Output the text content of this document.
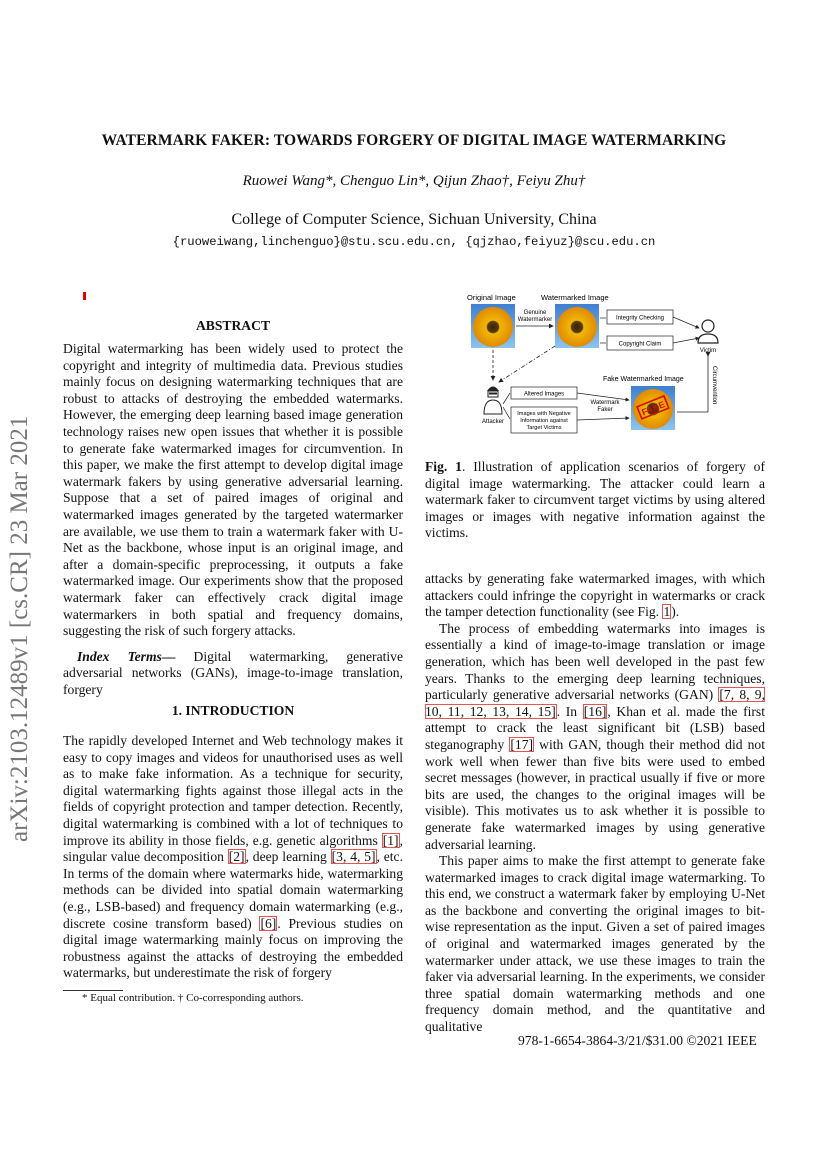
arXiv:2103.12489v1 [cs.CR] 23 Mar 2021
WATERMARK FAKER: TOWARDS FORGERY OF DIGITAL IMAGE WATERMARKING
Ruowei Wang*, Chenguo Lin*, Qijun Zhao†, Feiyu Zhu†
College of Computer Science, Sichuan University, China
{ruoweiwang,linchenguo}@stu.scu.edu.cn, {qjzhao,feiyuz}@scu.edu.cn
ABSTRACT

Digital watermarking has been widely used to protect the copyright and integrity of multimedia data. Previous studies mainly focus on designing watermarking techniques that are robust to attacks of destroying the embedded watermarks. However, the emerging deep learning based image generation technology raises new open issues that whether it is possible to generate fake watermarked images for circumvention. In this paper, we make the first attempt to develop digital image watermark fakers by using generative adversarial learning. Suppose that a set of paired images of original and watermarked images generated by the targeted watermarker are available, we use them to train a watermark faker with U-Net as the backbone, whose input is an original image, and after a domain-specific preprocessing, it outputs a fake watermarked image. Our experiments show that the proposed watermark faker can effectively crack digital image watermarkers in both spatial and frequency domains, suggesting the risk of such forgery attacks.

Index Terms— Digital watermarking, generative adversarial networks (GANs), image-to-image translation, forgery

1. INTRODUCTION

The rapidly developed Internet and Web technology makes it easy to copy images and videos for unauthorised uses as well as to make fake information. As a technique for security, digital watermarking fights against those illegal acts in the fields of copyright protection and tamper detection. Recently, digital watermarking is combined with a lot of techniques to improve its ability in those fields, e.g. genetic algorithms [1], singular value decomposition [2], deep learning [3, 4, 5], etc. In terms of the domain where watermarks hide, watermarking methods can be divided into spatial domain watermarking (e.g., LSB-based) and frequency domain watermarking (e.g., discrete cosine transform based) [6]. Previous studies on digital image watermarking mainly focus on improving the robustness against the attacks of destroying the embedded watermarks, but underestimate the risk of forgery

* Equal contribution. † Co-corresponding authors.
Original Image	Watermarked Image
Genuine
Watermarker	Integrity Checking
Copyright Claim
Victim
Fake Watermarked Image	Circumvention
FAKE
Attacker
Altered Images
Images with Negative
Information against
Target Victims
Watermark
Faker
Fig. 1. Illustration of application scenarios of forgery of digital image watermarking. The attacker could learn a watermark faker to circumvent target victims by using altered images or images with negative information against the victims.

attacks by generating fake watermarked images, with which attackers could infringe the copyright in watermarks or crack the tamper detection functionality (see Fig. 1).

The process of embedding watermarks into images is essentially a kind of image-to-image translation or image generation, which has been well developed in the past few years. Thanks to the emerging deep learning techniques, particularly generative adversarial networks (GAN) [7, 8, 9, 10, 11, 12, 13, 14, 15]. In [16], Khan et al. made the first attempt to crack the least significant bit (LSB) based steganography [17] with GAN, though their method did not work well when fewer than five bits were used to embed secret messages (however, in practical usually if five or more bits are used, the changes to the original images will be visible). This motivates us to ask whether it is possible to generate fake watermarked images by using generative adversarial learning.

This paper aims to make the first attempt to generate fake watermarked images to crack digital image watermarking. To this end, we construct a watermark faker by employing U-Net as the backbone and converting the original images to bit-wise representation as the input. Given a set of paired images of original and watermarked images generated by the watermarker under attack, we use these images to train the faker via adversarial learning. In the experiments, we consider three spatial domain watermarking methods and one frequency domain method, and the quantitative and qualitative

978-1-6654-3864-3/21/$31.00 ©2021 IEEE
